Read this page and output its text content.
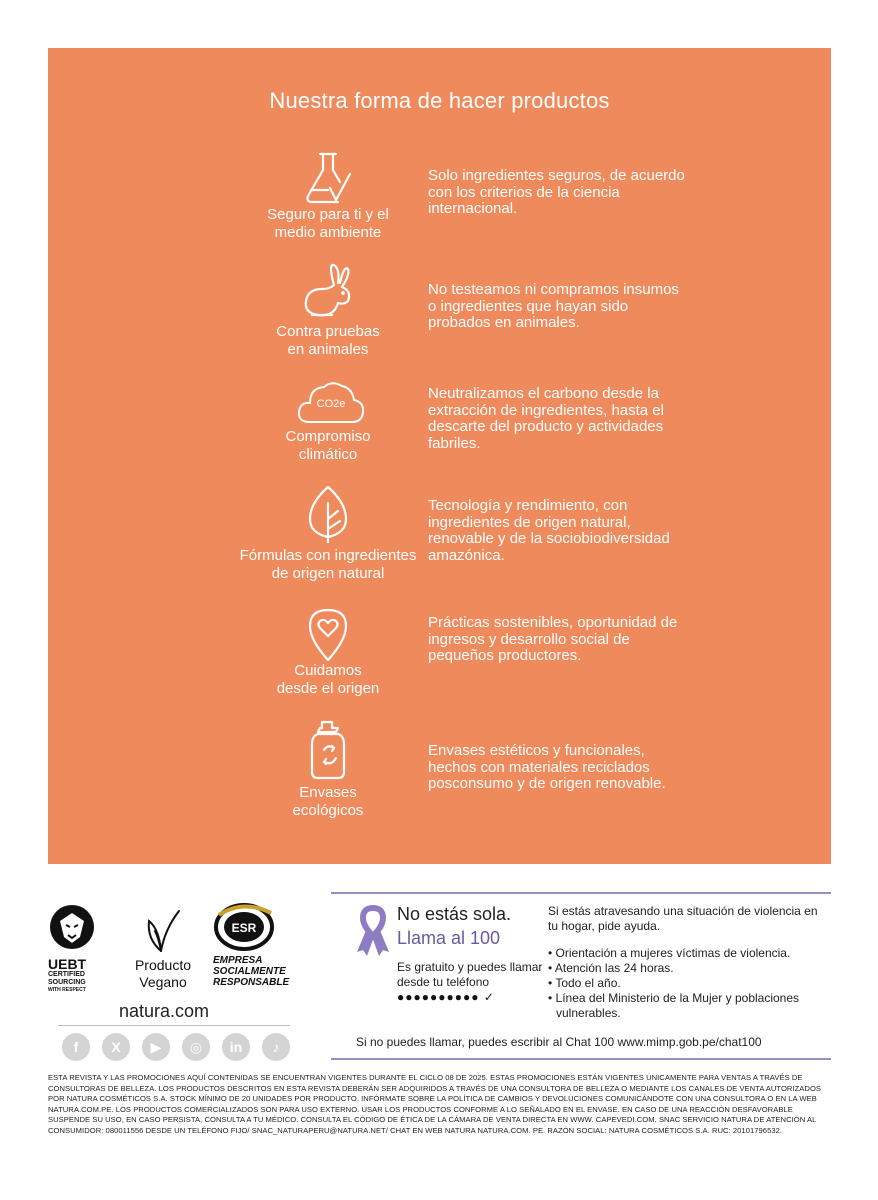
Nuestra forma de hacer productos
Seguro para ti y el
medio ambiente
Solo ingredientes seguros, de acuerdo con los criterios de la ciencia internacional.
Contra pruebas
en animales
No testeamos ni compramos insumos o ingredientes que hayan sido probados en animales.
CO2e
Compromiso
climático
Neutralizamos el carbono desde la extracción de ingredientes, hasta el descarte del producto y actividades fabriles.
Fórmulas con ingredientes
de origen natural
Tecnología y rendimiento, con ingredientes de origen natural, renovable y de la sociobiodiversidad amazónica.
Cuidamos
desde el origen
Prácticas sostenibles, oportunidad de ingresos y desarrollo social de pequeños productores.
Envases
ecológicos
Envases estéticos y funcionales, hechos con materiales reciclados posconsumo y de origen renovable.
UEBT
CERTIFIED
SOURCING
WITH RESPECT
Producto
Vegano
ESR
EMPRESA
SOCIALMENTE
RESPONSABLE
natura.com
f	X	▶	◎	in	♪
No estás sola.
Llama al 100
Es gratuito y puedes llamar desde tu teléfono
●●●●●●●●●● ✓
Si estás atravesando una situación de violencia en tu hogar, pide ayuda.
• Orientación a mujeres víctimas de violencia.
• Atención las 24 horas.
• Todo el año.
• Línea del Ministerio de la Mujer y poblaciones vulnerables.
Si no puedes llamar, puedes escribir al Chat 100 www.mimp.gob.pe/chat100
ESTA REVISTA Y LAS PROMOCIONES AQUÍ CONTENIDAS SE ENCUENTRAN VIGENTES DURANTE EL CICLO 08 DE 2025. ESTAS PROMOCIONES ESTÁN VIGENTES ÚNICAMENTE PARA VENTAS A TRAVÉS DE CONSULTORAS DE BELLEZA. LOS PRODUCTOS DESCRITOS EN ESTA REVISTA DEBERÁN SER ADQUIRIDOS A TRAVÉS DE UNA CONSULTORA DE BELLEZA O MEDIANTE LOS CANALES DE VENTA AUTORIZADOS POR NATURA COSMÉTICOS S.A. STOCK MÍNIMO DE 20 UNIDADES POR PRODUCTO. INFÓRMATE SOBRE LA POLÍTICA DE CAMBIOS Y DEVOLUCIONES COMUNICÁNDOTE CON UNA CONSULTORA O EN LA WEB NATURA.COM.PE. LOS PRODUCTOS COMERCIALIZADOS SON PARA USO EXTERNO. USAR LOS PRODUCTOS CONFORME A LO SEÑALADO EN EL ENVASE. EN CASO DE UNA REACCIÓN DESFAVORABLE SUSPENDE SU USO, EN CASO PERSISTA, CONSULTA A TU MÉDICO. CONSULTA EL CÓDIGO DE ÉTICA DE LA CÁMARA DE VENTA DIRECTA EN WWW. CAPEVEDI.COM. SNAC SERVICIO NATURA DE ATENCIÓN AL CONSUMIDOR: 080011556 DESDE UN TELÉFONO FIJO/ SNAC_NATURAPERU@NATURA.NET/ CHAT EN WEB NATURA NATURA.COM. PE. RAZÓN SOCIAL: NATURA COSMÉTICOS S.A. RUC: 20101796532.
